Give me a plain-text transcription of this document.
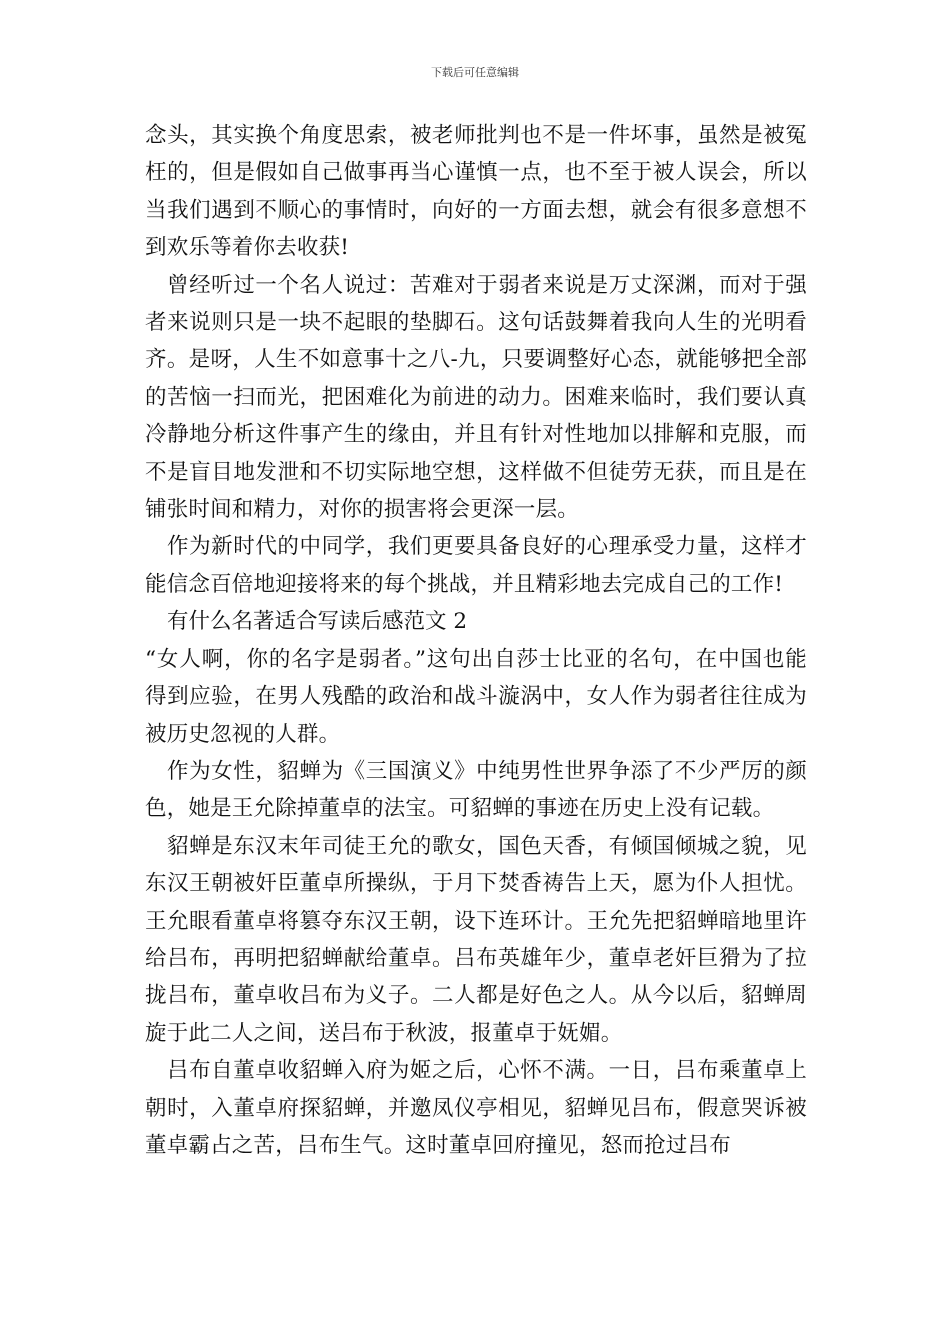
下载后可任意编辑

念头，其实换个角度思索，被老师批判也不是一件坏事，虽然是被冤枉的，但是假如自己做事再当心谨慎一点，也不至于被人误会，所以当我们遇到不顺心的事情时，向好的一方面去想，就会有很多意想不到欢乐等着你去收获!

曾经听过一个名人说过：苦难对于弱者来说是万丈深渊，而对于强者来说则只是一块不起眼的垫脚石。这句话鼓舞着我向人生的光明看齐。是呀，人生不如意事十之八-九，只要调整好心态，就能够把全部的苦恼一扫而光，把困难化为前进的动力。困难来临时，我们要认真冷静地分析这件事产生的缘由，并且有针对性地加以排解和克服，而不是盲目地发泄和不切实际地空想，这样做不但徒劳无获，而且是在铺张时间和精力，对你的损害将会更深一层。

作为新时代的中同学，我们更要具备良好的心理承受力量，这样才能信念百倍地迎接将来的每个挑战，并且精彩地去完成自己的工作!

有什么名著适合写读后感范文 2

“女人啊，你的名字是弱者。”这句出自莎士比亚的名句，在中国也能得到应验，在男人残酷的政治和战斗漩涡中，女人作为弱者往往成为被历史忽视的人群。

作为女性，貂蝉为《三国演义》中纯男性世界争添了不少严厉的颜色，她是王允除掉董卓的法宝。可貂蝉的事迹在历史上没有记载。

貂蝉是东汉末年司徒王允的歌女，国色天香，有倾国倾城之貌，见东汉王朝被奸臣董卓所操纵，于月下焚香祷告上天，愿为仆人担忧。王允眼看董卓将篡夺东汉王朝，设下连环计。王允先把貂蝉暗地里许给吕布，再明把貂蝉献给董卓。吕布英雄年少，董卓老奸巨猾为了拉拢吕布，董卓收吕布为义子。二人都是好色之人。从今以后，貂蝉周旋于此二人之间，送吕布于秋波，报董卓于妩媚。

吕布自董卓收貂蝉入府为姬之后，心怀不满。一日，吕布乘董卓上朝时，入董卓府探貂蝉，并邀凤仪亭相见，貂蝉见吕布，假意哭诉被董卓霸占之苦，吕布生气。这时董卓回府撞见，怒而抢过吕布
